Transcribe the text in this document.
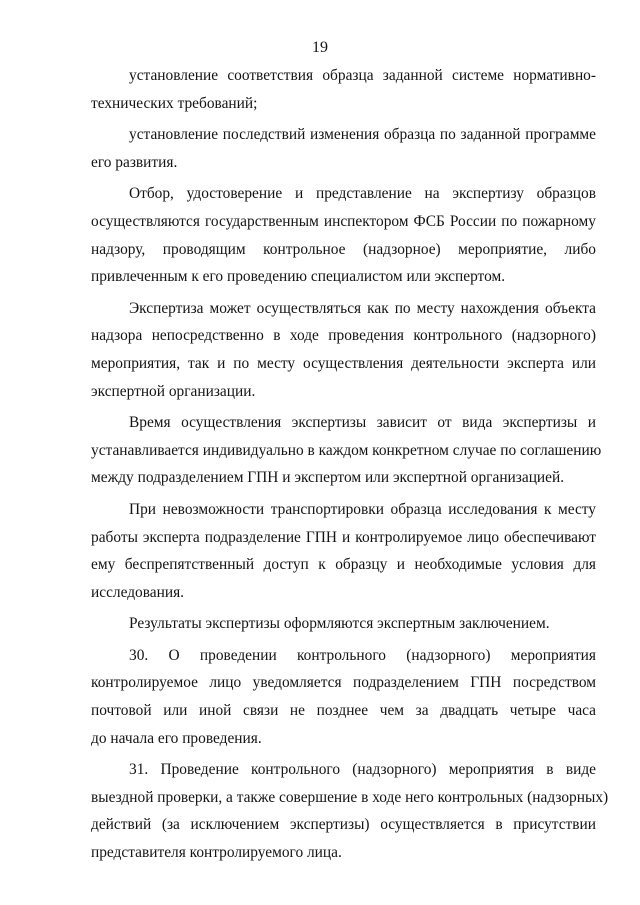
19

установление соответствия образца заданной системе нормативно-
технических требований;

установление последствий изменения образца по заданной программе
его развития.

Отбор, удостоверение и представление на экспертизу образцов
осуществляются государственным инспектором ФСБ России по пожарному
надзору, проводящим контрольное (надзорное) мероприятие, либо
привлеченным к его проведению специалистом или экспертом.

Экспертиза может осуществляться как по месту нахождения объекта
надзора непосредственно в ходе проведения контрольного (надзорного)
мероприятия, так и по месту осуществления деятельности эксперта или
экспертной организации.

Время осуществления экспертизы зависит от вида экспертизы и
устанавливается индивидуально в каждом конкретном случае по соглашению
между подразделением ГПН и экспертом или экспертной организацией.

При невозможности транспортировки образца исследования к месту
работы эксперта подразделение ГПН и контролируемое лицо обеспечивают
ему беспрепятственный доступ к образцу и необходимые условия для
исследования.

Результаты экспертизы оформляются экспертным заключением.

30. О проведении контрольного (надзорного) мероприятия
контролируемое лицо уведомляется подразделением ГПН посредством
почтовой или иной связи не позднее чем за двадцать четыре часа
до начала его проведения.

31. Проведение контрольного (надзорного) мероприятия в виде
выездной проверки, а также совершение в ходе него контрольных (надзорных)
действий (за исключением экспертизы) осуществляется в присутствии
представителя контролируемого лица.
